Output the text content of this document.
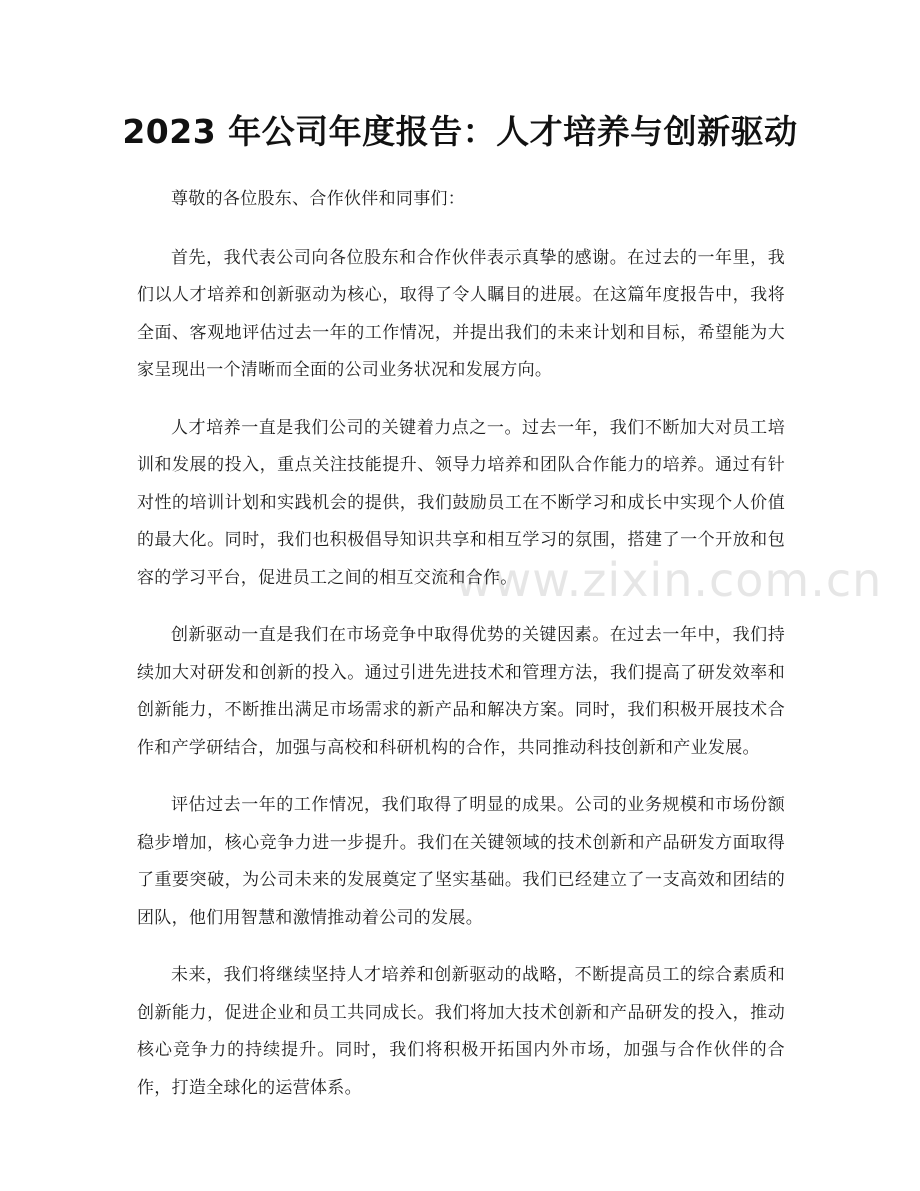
www.zixin.com.cn
2023 年公司年度报告：人才培养与创新驱动

尊敬的各位股东、合作伙伴和同事们：

首先，我代表公司向各位股东和合作伙伴表示真挚的感谢。在过去的一年里，我们以人才培养和创新驱动为核心，取得了令人瞩目的进展。在这篇年度报告中，我将全面、客观地评估过去一年的工作情况，并提出我们的未来计划和目标，希望能为大家呈现出一个清晰而全面的公司业务状况和发展方向。

人才培养一直是我们公司的关键着力点之一。过去一年，我们不断加大对员工培训和发展的投入，重点关注技能提升、领导力培养和团队合作能力的培养。通过有针对性的培训计划和实践机会的提供，我们鼓励员工在不断学习和成长中实现个人价值的最大化。同时，我们也积极倡导知识共享和相互学习的氛围，搭建了一个开放和包容的学习平台，促进员工之间的相互交流和合作。

创新驱动一直是我们在市场竞争中取得优势的关键因素。在过去一年中，我们持续加大对研发和创新的投入。通过引进先进技术和管理方法，我们提高了研发效率和创新能力，不断推出满足市场需求的新产品和解决方案。同时，我们积极开展技术合作和产学研结合，加强与高校和科研机构的合作，共同推动科技创新和产业发展。

评估过去一年的工作情况，我们取得了明显的成果。公司的业务规模和市场份额稳步增加，核心竞争力进一步提升。我们在关键领域的技术创新和产品研发方面取得了重要突破，为公司未来的发展奠定了坚实基础。我们已经建立了一支高效和团结的团队，他们用智慧和激情推动着公司的发展。

未来，我们将继续坚持人才培养和创新驱动的战略，不断提高员工的综合素质和创新能力，促进企业和员工共同成长。我们将加大技术创新和产品研发的投入，推动核心竞争力的持续提升。同时，我们将积极开拓国内外市场，加强与合作伙伴的合作，打造全球化的运营体系。
